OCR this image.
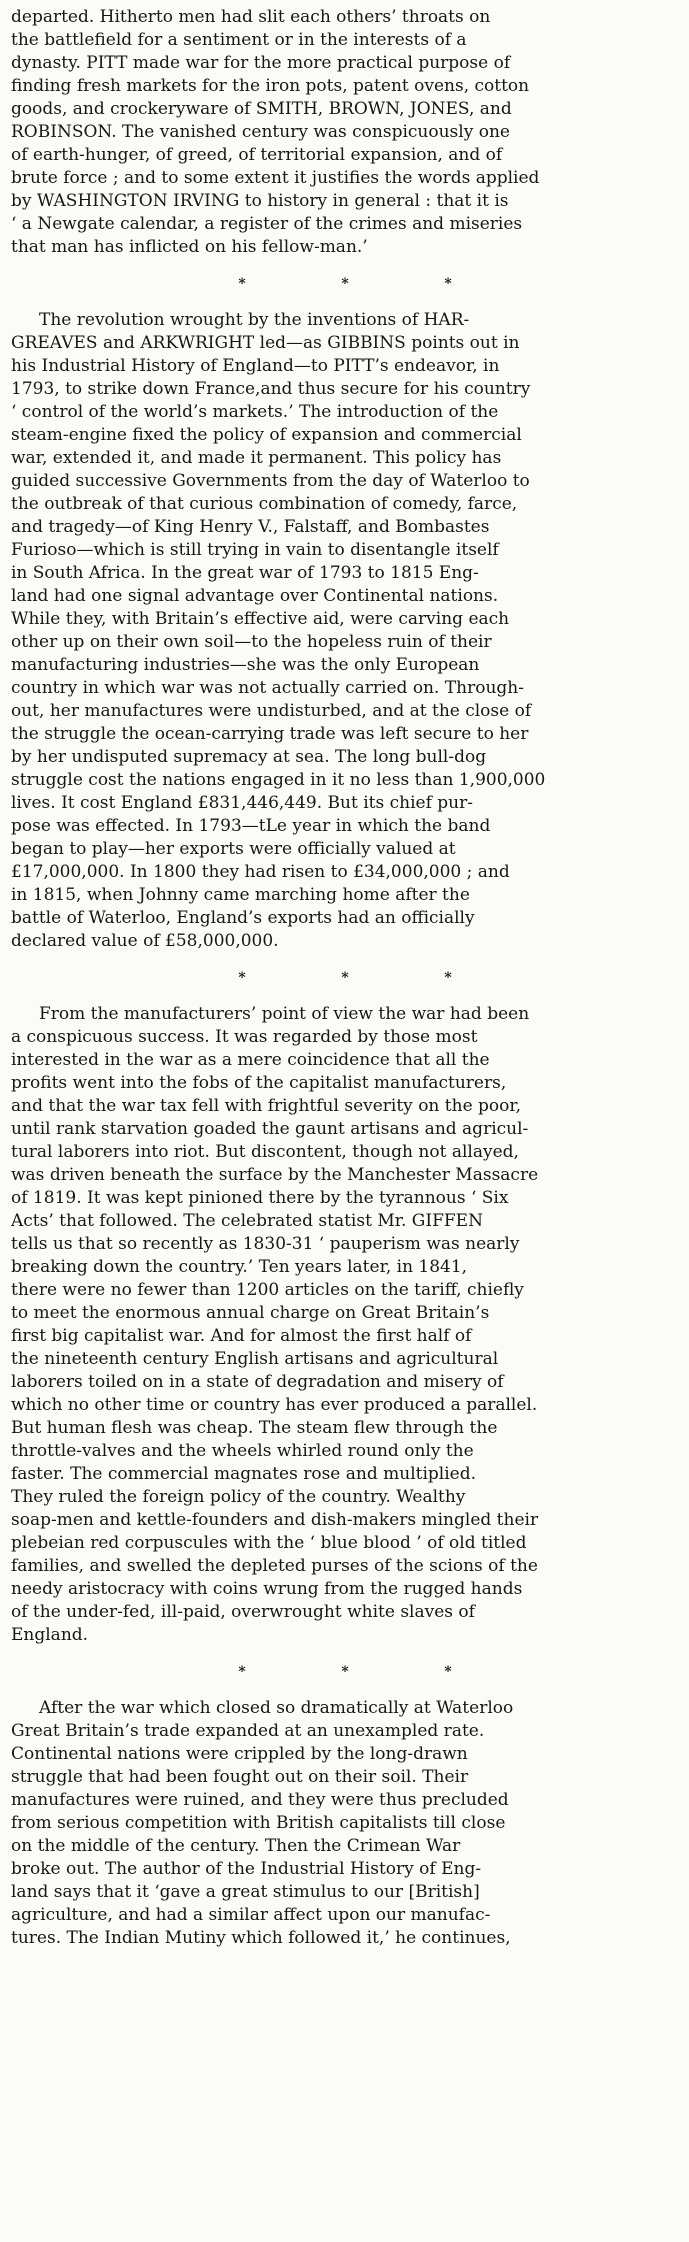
departed. Hitherto men had slit each others’ throats on
the battlefield for a sentiment or in the interests of a
dynasty. PITT made war for the more practical purpose of
finding fresh markets for the iron pots, patent ovens, cotton
goods, and crockeryware of SMITH, BROWN, JONES, and
ROBINSON. The vanished century was conspicuously one
of earth-hunger, of greed, of territorial expansion, and of
brute force ; and to some extent it justifies the words applied
by WASHINGTON IRVING to history in general : that it is
‘ a Newgate calendar, a register of the crimes and miseries
that man has inflicted on his fellow-man.’
*	*	*
The revolution wrought by the inventions of HAR-
GREAVES and ARKWRIGHT led—as GIBBINS points out in
his Industrial History of England—to PITT’s endeavor, in
1793, to strike down France,and thus secure for his country
‘ control of the world’s markets.’ The introduction of the
steam-engine fixed the policy of expansion and commercial
war, extended it, and made it permanent. This policy has
guided successive Governments from the day of Waterloo to
the outbreak of that curious combination of comedy, farce,
and tragedy—of King Henry V., Falstaff, and Bombastes
Furioso—which is still trying in vain to disentangle itself
in South Africa. In the great war of 1793 to 1815 Eng-
land had one signal advantage over Continental nations.
While they, with Britain’s effective aid, were carving each
other up on their own soil—to the hopeless ruin of their
manufacturing industries—she was the only European
country in which war was not actually carried on. Through-
out, her manufactures were undisturbed, and at the close of
the struggle the ocean-carrying trade was left secure to her
by her undisputed supremacy at sea. The long bull-dog
struggle cost the nations engaged in it no less than 1,900,000
lives. It cost England £831,446,449. But its chief pur-
pose was effected. In 1793—tLe year in which the band
began to play—her exports were officially valued at
£17,000,000. In 1800 they had risen to £34,000,000 ; and
in 1815, when Johnny came marching home after the
battle of Waterloo, England’s exports had an officially
declared value of £58,000,000.
*	*	*
From the manufacturers’ point of view the war had been
a conspicuous success. It was regarded by those most
interested in the war as a mere coincidence that all the
profits went into the fobs of the capitalist manufacturers,
and that the war tax fell with frightful severity on the poor,
until rank starvation goaded the gaunt artisans and agricul-
tural laborers into riot. But discontent, though not allayed,
was driven beneath the surface by the Manchester Massacre
of 1819. It was kept pinioned there by the tyrannous ‘ Six
Acts’ that followed. The celebrated statist Mr. GIFFEN
tells us that so recently as 1830-31 ‘ pauperism was nearly
breaking down the country.’ Ten years later, in 1841,
there were no fewer than 1200 articles on the tariff, chiefly
to meet the enormous annual charge on Great Britain’s
first big capitalist war. And for almost the first half of
the nineteenth century English artisans and agricultural
laborers toiled on in a state of degradation and misery of
which no other time or country has ever produced a parallel.
But human flesh was cheap. The steam flew through the
throttle-valves and the wheels whirled round only the
faster. The commercial magnates rose and multiplied.
They ruled the foreign policy of the country. Wealthy
soap-men and kettle-founders and dish-makers mingled their
plebeian red corpuscules with the ‘ blue blood ’ of old titled
families, and swelled the depleted purses of the scions of the
needy aristocracy with coins wrung from the rugged hands
of the under-fed, ill-paid, overwrought white slaves of
England.
*	*	*
After the war which closed so dramatically at Waterloo
Great Britain’s trade expanded at an unexampled rate.
Continental nations were crippled by the long-drawn
struggle that had been fought out on their soil. Their
manufactures were ruined, and they were thus precluded
from serious competition with British capitalists till close
on the middle of the century. Then the Crimean War
broke out. The author of the Industrial History of Eng-
land says that it ‘gave a great stimulus to our [British]
agriculture, and had a similar affect upon our manufac-
tures. The Indian Mutiny which followed it,’ he continues,
